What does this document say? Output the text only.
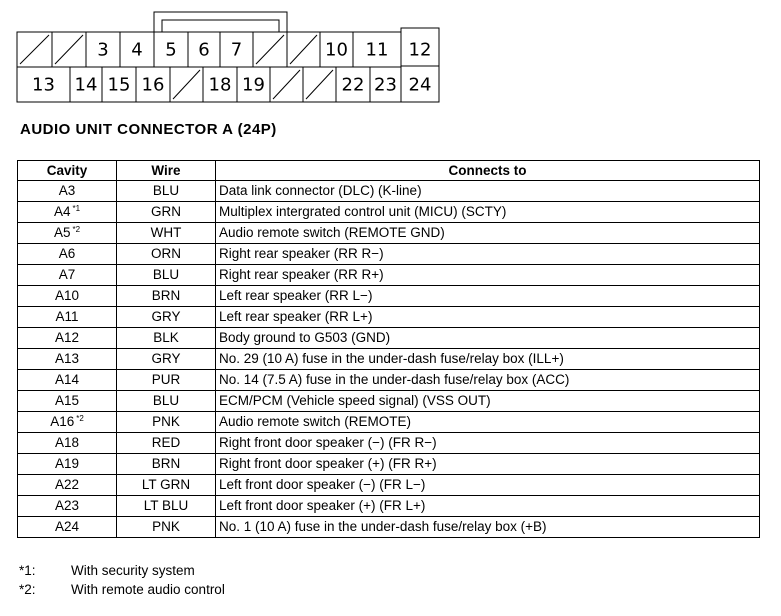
3 4 5 6 7	10 11 12
13 14 15 16 18 19	22 23 24
AUDIO UNIT CONNECTOR A (24P)
Cavity	Wire	Connects to
A3	BLU	Data link connector (DLC) (K-line)
A4 $^{*1}$	GRN	Multiplex intergrated control unit (MICU) (SCTY)
A5 $^{*2}$	WHT	Audio remote switch (REMOTE GND)
A6	ORN	Right rear speaker (RR R−)
A7	BLU	Right rear speaker (RR R+)
A10	BRN	Left rear speaker (RR L−)
A11	GRY	Left rear speaker (RR L+)
A12	BLK	Body ground to G503 (GND)
A13	GRY	No. 29 (10 A) fuse in the under-dash fuse/relay box (ILL+)
A14	PUR	No. 14 (7.5 A) fuse in the under-dash fuse/relay box (ACC)
A15	BLU	ECM/PCM (Vehicle speed signal) (VSS OUT)
A16 $^{*2}$	PNK	Audio remote switch (REMOTE)
A18	RED	Right front door speaker (−) (FR R−)
A19	BRN	Right front door speaker (+) (FR R+)
A22	LT GRN	Left front door speaker (−) (FR L−)
A23	LT BLU	Left front door speaker (+) (FR L+)
A24	PNK	No. 1 (10 A) fuse in the under-dash fuse/relay box (+B)
*1:	With security system
*2:	With remote audio control
